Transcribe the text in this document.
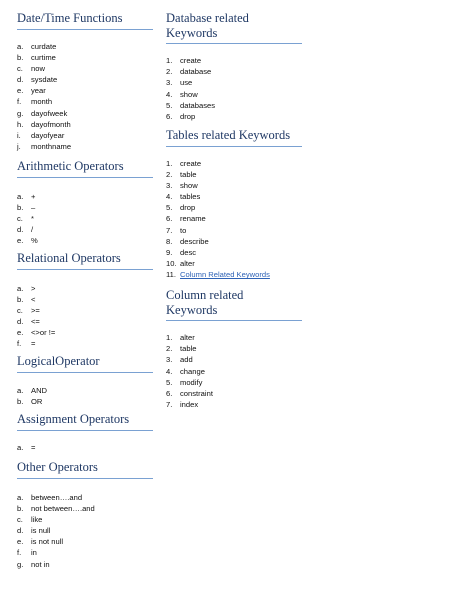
Date/Time Functions
a. curdate
b. curtime
c. now
d. sysdate
e. year
f. month
g. dayofweek
h. dayofmonth
i. dayofyear
j. monthname
Arithmetic Operators
a. +
b. –
c. *
d. /
e. %
Relational Operators
a. >
b. <
c. >=
d. <=
e. <>or !=
f. =
LogicalOperator
a. AND
b. OR
Assignment Operators
a. =
Other Operators
a. between….and
b. not between….and
c. like
d. is null
e. is not null
f. in
g. not in
Database related
Keywords
1. create
2. database
3. use
4. show
5. databases
6. drop
Tables related Keywords
1. create
2. table
3. show
4. tables
5. drop
6. rename
7. to
8. describe
9. desc
10. alter
11. Column Related Keywords
Column related
Keywords
1. alter
2. table
3. add
4. change
5. modify
6. constraint
7. index
